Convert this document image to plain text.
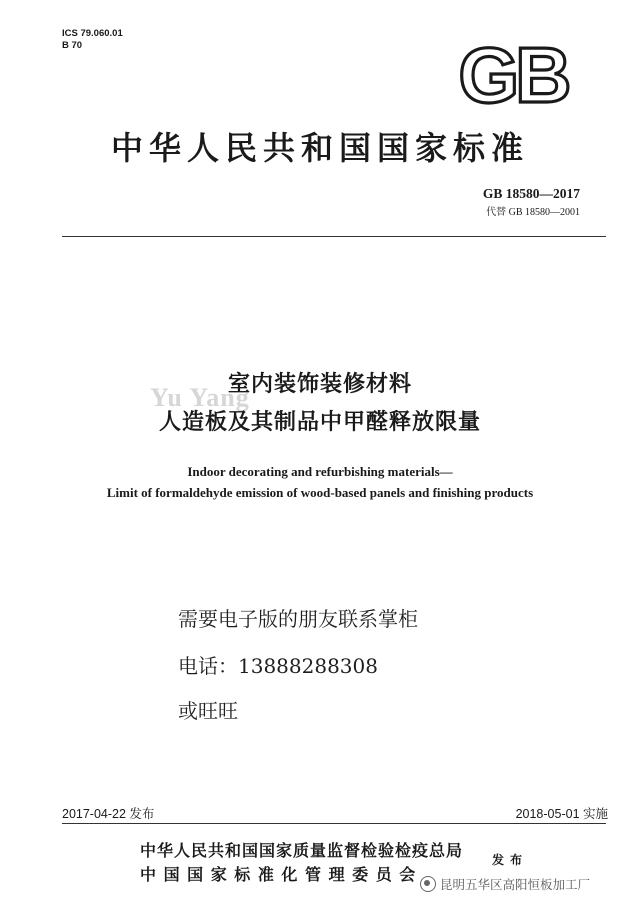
ICS 79.060.01
B 70	GB
中华人民共和国国家标准
GB 18580—2017
代替 GB 18580—2001
Yu Yang
室内装饰装修材料
人造板及其制品中甲醛释放限量
Indoor decorating and refurbishing materials—
Limit of formaldehyde emission of wood-based panels and finishing products
需要电子版的朋友联系掌柜
电话：13888288308
或旺旺
2017-04-22 发布	2018-05-01 实施
中华人民共和国国家质量监督检验检疫总局
中 国 国 家 标 准 化 管 理 委 员 会
发布
昆明五华区高阳恒板加工厂
